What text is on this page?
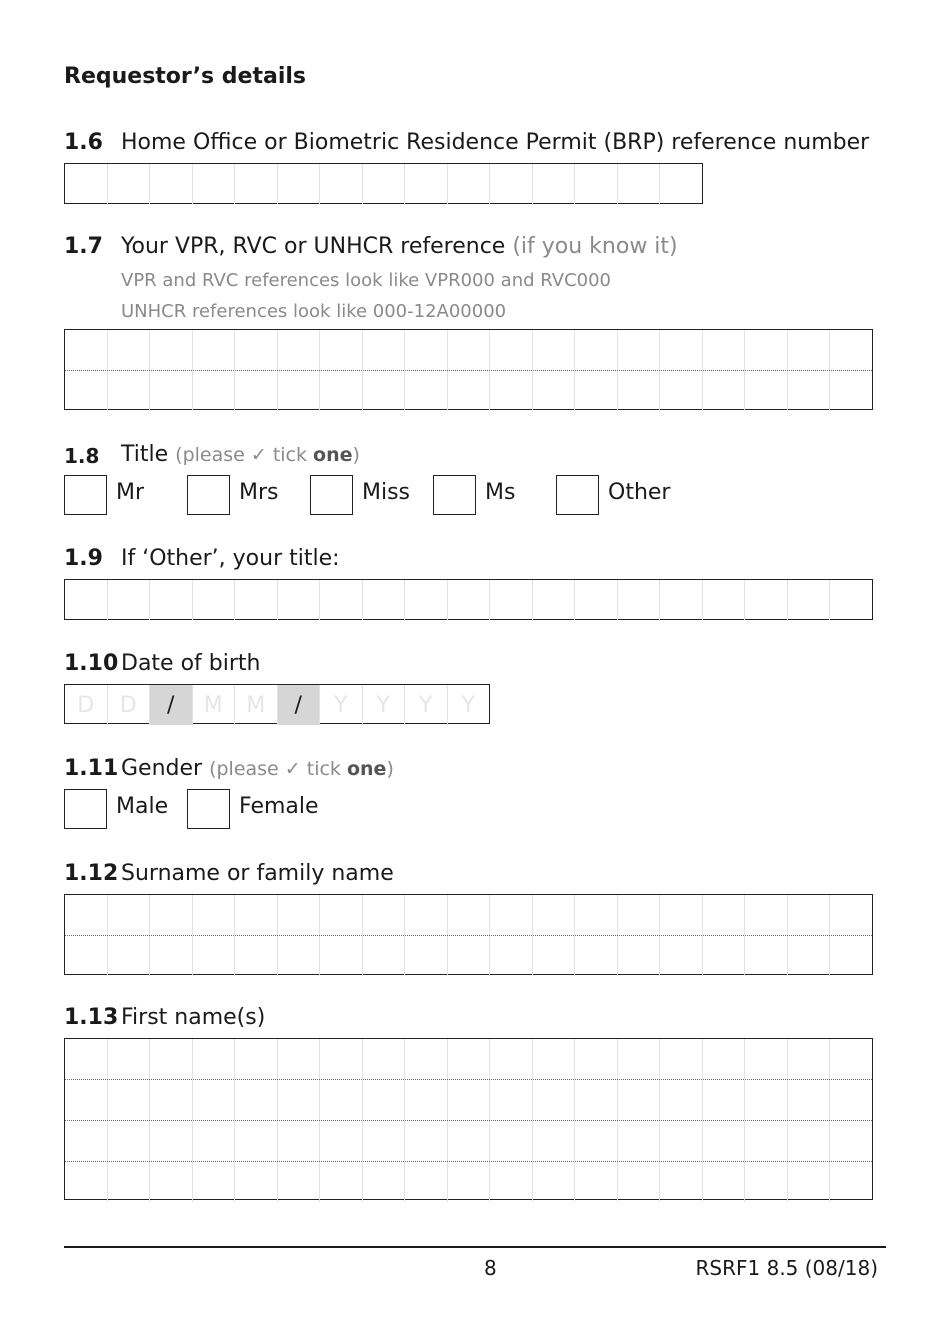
Requestor’s details
1.6 Home Office or Biometric Residence Permit (BRP) reference number
1.7 Your VPR, RVC or UNHCR reference (if you know it)
VPR and RVC references look like VPR000 and RVC000
UNHCR references look like 000-12A00000
1.8 Title (please ✓ tick one)
Mr	Mrs	Miss	Ms	Other
1.9 If ‘Other’, your title:
1.10 Date of birth
D	D	/	M	M	/	Y	Y	Y	Y
1.11 Gender (please ✓ tick one)
Male	Female
1.12 Surname or family name
1.13 First name(s)
8	RSRF1 8.5 (08/18)
